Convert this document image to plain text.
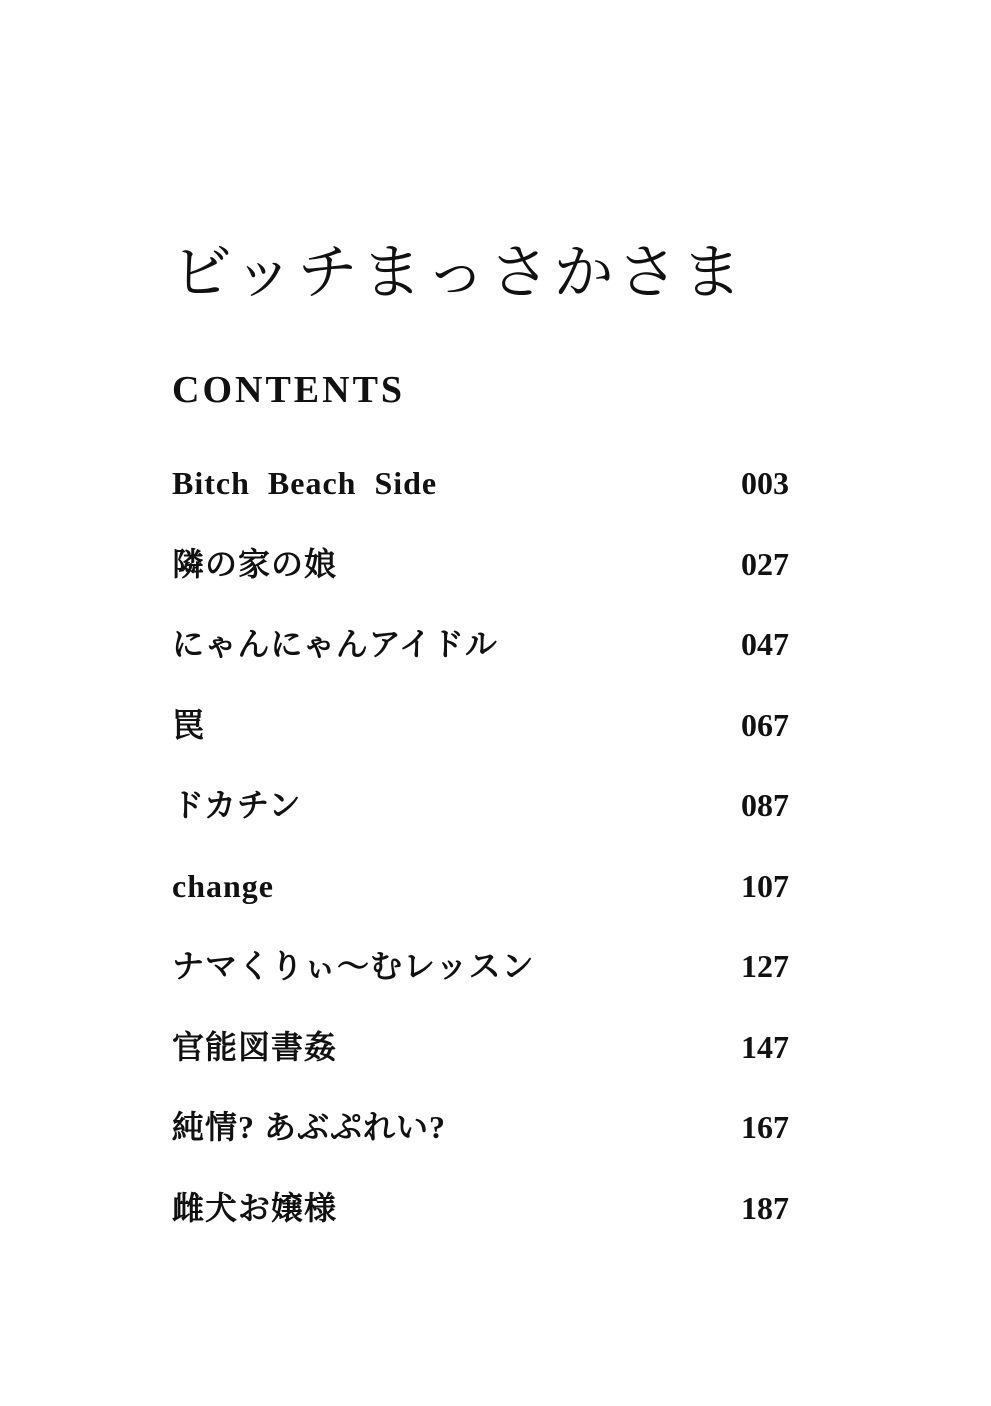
ビッチまっさかさま
CONTENTS
Bitch  Beach  Side	003
隣の家の娘	027
にゃんにゃんアイドル	047
罠	067
ドカチン	087
change	107
ナマくりぃ〜むレッスン	127
官能図書姦	147
純情? あぶぷれい?	167
雌犬お嬢様	187
